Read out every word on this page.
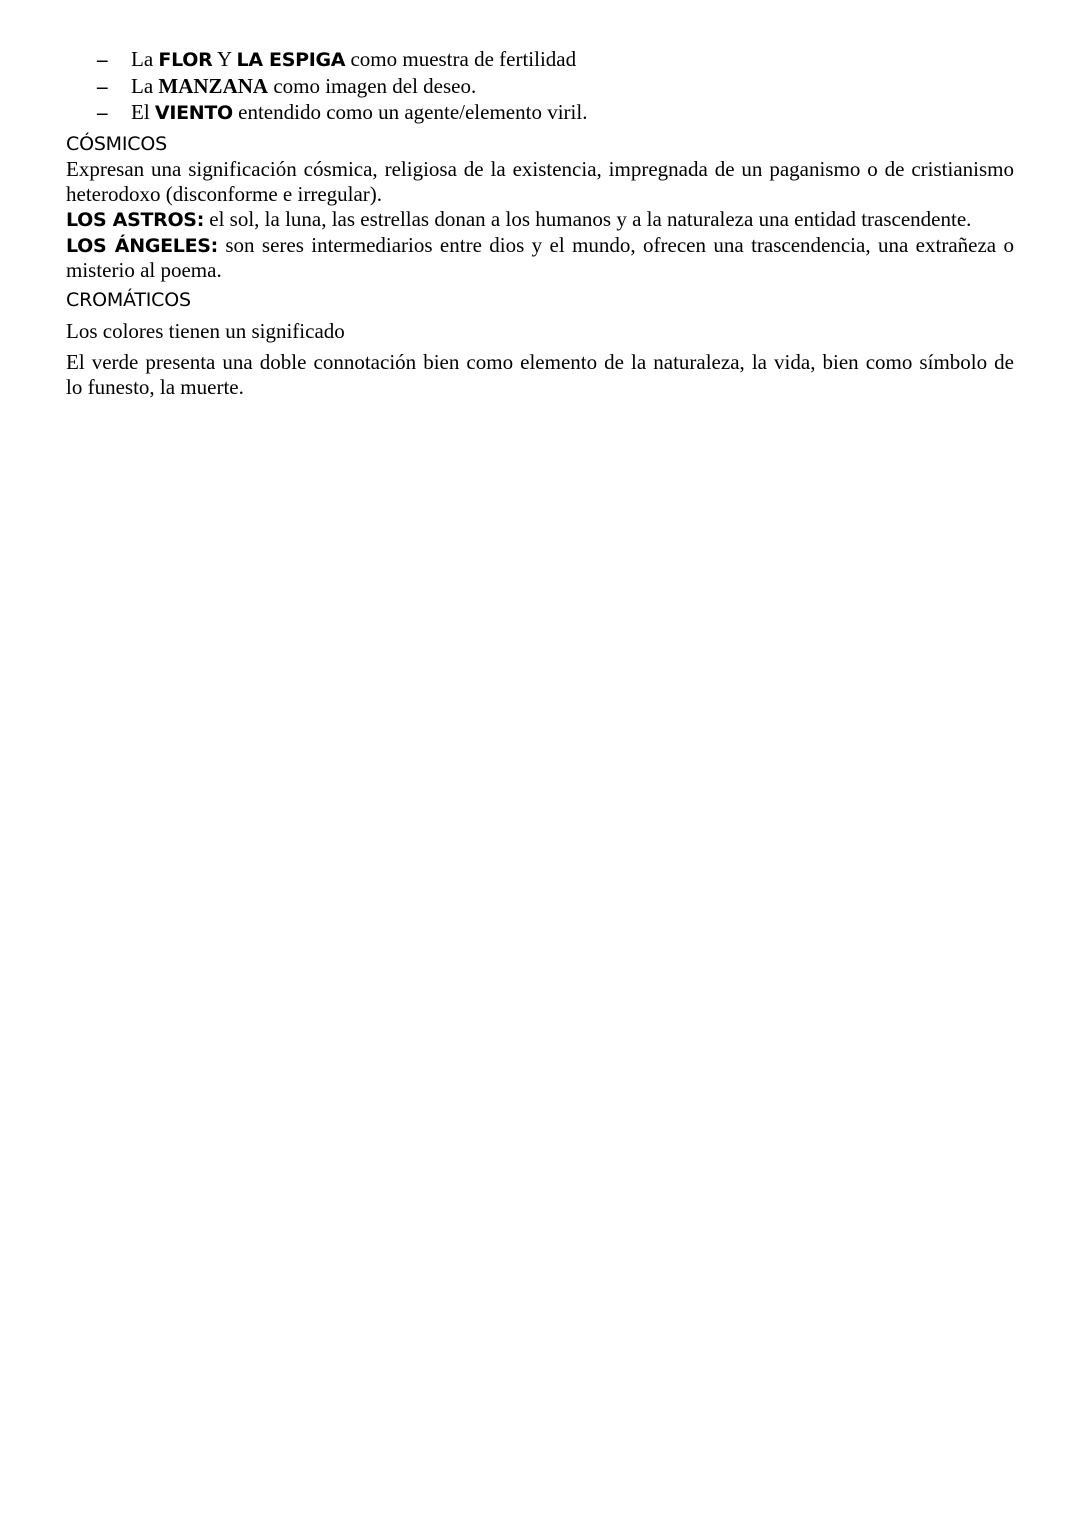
– La FLOR Y LA ESPIGA como muestra de fertilidad
– La MANZANA como imagen del deseo.
– El VIENTO entendido como un agente/elemento viril.
CÓSMICOS
Expresan una significación cósmica, religiosa de la existencia, impregnada de un paganismo o de cristianismo
heterodoxo (disconforme e irregular).
LOS ASTROS: el sol, la luna, las estrellas donan a los humanos y a la naturaleza una entidad trascendente.
LOS ÁNGELES: son seres intermediarios entre dios y el mundo, ofrecen una trascendencia, una extrañeza o
misterio al poema.
CROMÁTICOS
Los colores tienen un significado
El verde presenta una doble connotación bien como elemento de la naturaleza, la vida, bien como símbolo de
lo funesto, la muerte.
